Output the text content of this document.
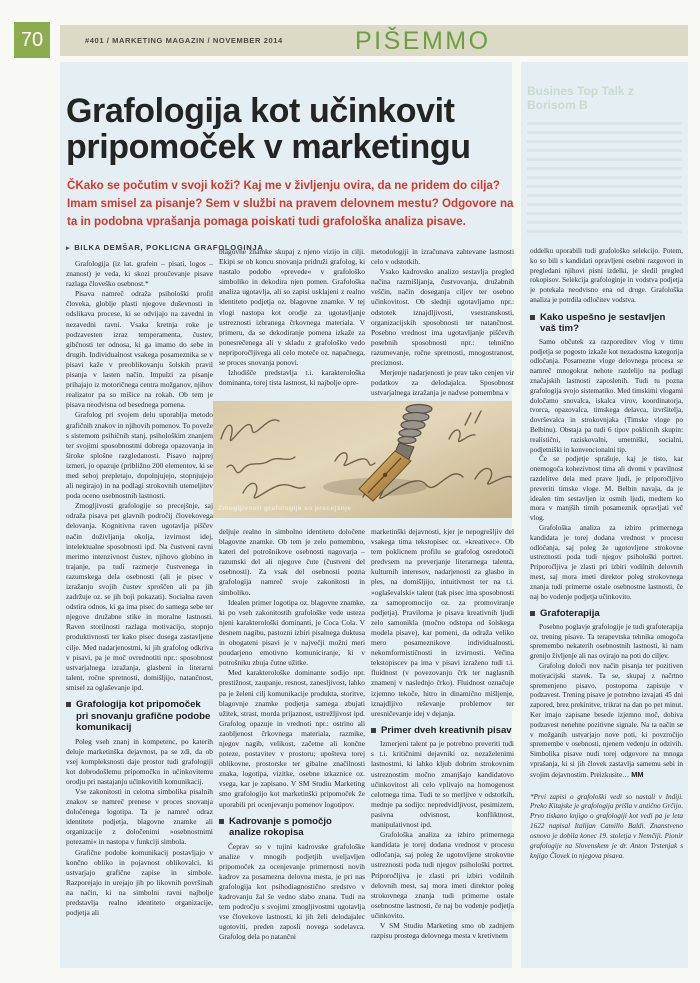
70	#401 / MARKETING MAGAZIN / NOVEMBER 2014	PIŠEMMO
Busines Top Talk z Borisom B
Grafologija kot učinkovit
pripomoček v marketingu

ČKako se počutim v svoji koži? Kaj me v življenju ovira, da ne pridem do cilja? Imam smisel za pisanje? Sem v službi na pravem delovnem mestu? Odgovore na ta in podobna vprašanja pomaga poiskati tudi grafološka analiza pisave.

▸ BILKA DEMŠAR, POKLICNA GRAFOLOGINJA

Grafologija (iz lat. grafein – pisati, logos – znanost) je veda, ki skozi proučevanje pisave razlaga človeško osebnost.*

Pisava namreč odraža psihološki profil človeka, globlje plasti njegove duševnosti in odslikava procese, ki se odvijajo na zavedni in nezavedni ravni. Vsaka kretnja roke je podzavesten izraz temperamenta, čustev, gibčnosti ter odnosa, ki ga imamo do sebe in drugih. Individualnost vsakega posameznika se v pisavi kaže v preoblikovanju šolskih pravil pisanja v lasten način. Impulzi za pisanje prihajajo iz motoričnega centra možganov, njihov realizator pa so mišice na rokah. Ob tem je pisava neodvisna od besednega pomena.

Grafolog pri svojem delu uporablja metodo grafičnih znakov in njihovih pomenov. To poveže s sistemom psihičnih stanj, psihološkim znanjem ter svojimi sposobnostmi dobrega opazovanja in široke splošne razgledanosti. Pisavo najprej izmeri, jo opazuje (približno 200 elementov, ki se med seboj prepletajo, dopolnjujejo, stopnjujejo ali negirajo) in na podlagi strokovnih utemeljitev poda oceno osebnostnih lastnosti.

Zmogljivosti grafologije so precejšnje, saj odraža pisava pet glavnih področij človekovega delovanja. Kognitivna raven ugotavlja piščev način doživljanja okolja, izvirnost idej, intelektualne sposobnosti ipd. Na čustveni ravni merimo intenzivnost čustev, njihovo globino in trajanje, pa tudi razmerje čustvenega in razumskega dela osebnosti (ali je pisec v izražanju svojih čustev sproščen ali pa jih zadržuje oz. se jih boji pokazati). Socialna raven odstira odnos, ki ga ima pisec do samega sebe ter njegove družabne stike in moralne lastnosti. Raven storilnosti razlaga motivacijo, stopnjo produktivnosti ter kako pisec dosega zastavljene cilje. Med nadarjenostmi, ki jih grafolog odkriva v pisavi, pa je moč ovrednotiti npr.: sposobnost ustvarjalnega izražanja, glasbeni in literarni talent, ročne spretnosti, domišljijo, natančnost, smisel za oglaševanje ipd.

Grafologija kot pripomoček pri snovanju grafične podobe komunikacij

Poleg vseh znanj in kompetenc, po katerih deluje marketinška dejavnost, pa se zdi, da ob vsej kompleksnosti daje prostor tudi grafologiji kot dobrodošlemu pripomočku in učinkovitemu orodju pri nastajanju učinkovitih komunikacij.

Vse zakonitosti in celotna simbolika pisalnih znakov se namreč prenese v proces snovanja določenega logotipa. Ta je namreč odraz identitete podjetja, blagovne znamke ali organizacije z določenimi »osebnostnimi potezami« in nastopa v funkciji simbola.

Grafične podobe komunikacij postavljajo v končno obliko in pojavnost oblikovalci, ki ustvarjajo grafične zapise in simbole. Razporejajo in urejajo jih po likovnih površinah na način, ki na simbolni ravni najbolje predstavlja realno identiteto organizacije, podjetja ali

blagovne znamke skupaj z njeno vizijo in cilji. Ekipi se ob koncu snovanja pridruži grafolog, ki nastalo podobo »prevede« v grafološko simboliko in dekodira njen pomen. Grafološka analiza ugotavlja, ali so zapisi usklajeni z realno identiteto podjetja oz. blagovne znamke. V tej vlogi nastopa kot orodje za ugotavljanje ustreznosti izbranega črkovnega materiala. V primeru, da se dekodiranje pomena izkaže za ponesrečenega ali v skladu z grafološko vedo nepriporočljivega ali celo moteče oz. napačnega, se proces snovanja ponovi.

Izhodišče predstavlja t.i. karakterološka dominanta, torej tista lastnost, ki najbolje opre-

deljuje realno in simbolno identiteto določene blagovne znamke. Ob tem je zelo pomembno, kateri del potrošnikove osebnosti nagovarja – razumski del ali njegove čute (čustveni del osebnosti). Za vsak del osebnosti pozna grafologija namreč svoje zakonitosti in simboliko.

Idealen primer logotipa oz. blagovne znamke, ki po vseh zakonitostih grafološke vede usteza njeni karakterološki dominanti, je Coca Cola. V desnem nagibu, pastozni izbiri pisalnega duktusa in obogateni pisavi je v največji možni meri poudarjeno emotivno komuniciranje, ki v potrošniku zbuja čutne užitke.

Med karakterološke dominante sodijo npr. prestižnost, zaupanje, resnost, zanesljivost, lahko pa je želeni cilj komunikacije produkta, storitve, blagovnje znamke podjetja samega zbujati užitek, strast, morda prijaznost, ustrežljivost ipd. Grafolog opazuje in vrednoti npr.: ostrino ali zaobljenost črkovnega materiala, razmike, njegov nagib, velikost, začetne ali končne poteze, postavitev v prostoru; upošteva torej oblikovne, prostorske ter gibalne značilnosti znaka, logotipa, vizitke, osebne izkaznice oz. vsega, kar je zapisano. V SM Studiu Marketing smo grafologijo kot marketinški pripomoček že uporabili pri ocenjevanju pomenov logotipov.

Kadrovanje s pomočjo analize rokopisa

Čeprav so v tujini kadrovske grafološke analize v mnogih podjetjih uveljavljen pripomoček za ocenjevanje primernosti novih kadrov za posamezna delovna mesta, je pri nas grafologija kot psihodiagnostično sredstvo v kadrovanju žal še vedno slabo znana. Tudi na tem področju s svojimi zmogljivostmi ugotavlja vse človekove lastnosti, ki jih želi delodajalec ugotoviti, preden zaposli novega sodelavca. Grafolog dela po natančni

metodologiji in izračunava zahtevane lastnosti celo v odstotkih.

Vsako kadrovsko analizo sestavlja pregled načina razmišljanja, čustvovanja, družabnih veščin, način doseganja ciljev ter osebno učinkovitost. Ob slednji ugotavljamo npr.: odstotek iznajdljivosti, vsestranskosti, organizacijskih sposobnosti ter natančnost. Posebno vrednost ima ugotavljanje piščevih posebnih sposobnosti npr.: tehnično razumevanje, ročne spretnosti, mnogostranost, preciznost.

Merjenje nadarjenosti je prav tako cenjen vir podatkov za delodajalca. Sposobnost ustvarjalnega izražanja je nadvse pomembna v

marketinški dejavnosti, kjer je nepogrešljiv del vsakega tima tekstopisec oz. »kreativec«. Ob tem poklicnem profilu se grafolog osredotoči predvsem na preverjanje literarnega talenta, kulturnih interesov, nadarjenosti za glasbo in ples, na domišljijo, intuitivnost ter na t.i. »oglaševalski« talent (tak pisec ima sposobnosti za samopromocijo oz. za promoviranje podjetja). Praviloma je pisava kreativnih ljudi zelo samonikla (močno odstopa od šolskega modela pisave), kar pomeni, da odraža veliko mero posameznikove individualnosti, nekomformističnosti in izvirnosti. Večina tekstopiscev pa ima v pisavi izraženo tudi t.i. fluidnost (v povezovanju črk ter naglasnih znamenj v naslednjo črko). Fluidnost označuje izjemno tekoče, hitro in dinamično mišljenje, iznajdljivo reševanje problemov ter uresničevanje idej v dejanja.

Primer dveh kreativnih pisav

Izmerjeni talent pa je potrebno preveriti tudi s t.i. kritičnimi dejavniki oz. nezaželenimi lastnostmi, ki lahko kljub dobrim strokovnim ustreznostim močno zmanjšajo kandidatovo učinkovitost ali celo vplivajo na homogenost celotnega tima. Tudi te so merljive v odstotkih, mednje pa sodijo: nepredvidljivost, pesimizem, pasivna odvisnost, konfliktnost, manipulativnost ipd.

Grafološka analiza za izbiro primernega kandidata je torej dodana vrednost v procesu odločanja, saj poleg že ugotovljene strokovne ustreznosti poda tudi njegov psihološki portret. Priporočljiva je zlasti pri izbiri vodilnih delovnih mest, saj mora imeti direktor poleg strokovnega znanja tudi primerne ostale osebnostne lastnosti, če naj bo vodenje podjetja učinkovito.

V SM Studiu Marketing smo ob zadnjem razpisu prostega delovnega mesta v kretivnem

oddelku uporabili tudi grafološko selekcijo. Potem, ko so bili s kandidati opravljeni osebni razgovori in pregledani njihovi pisni izdelki, je sledil pregled rokopisov. Selekcija grafologinje in vodstva podjetja je potekala neodvisno ena od druge. Grafološka analiza je potrdila odločitev vodstva.

Kako uspešno je sestavljen vaš tim?

Samo občutek za razporeditev vlog v timu podjetja se pogosto izkaže kot nezadostna kategorija odločanja. Posamezne vloge delovnega procesa se namreč mnogokrat nehote razdelijo na podlagi značajskih lastnosti zaposlenih. Tudi tu pozna grafologija svojo sistematiko. Med timskimi vlogami določamo snovalca, iskalca virov, koordinatorja, tvorca, opazovalca, timskega delavca, izvršitelja, dovrševalca in strokovnjaka (Timske vloge po Belbinu). Obstaja pa tudi 6 tipov poklicnih skupin: realistični, raziskovalni, umetniški, socialni, podjetniški in konvencionalni tip.

Če se podjetje sprašuje, kaj je tisto, kar onemogoča kohezivnost tima ali dvomi v pravilnost razdelitve dela med prave ljudi, je priporočljivo preveriti timske vloge. M. Belbin navaja, da je idealen tim sestavljen iz osmih ljudi, medtem ko mora v manjših timih posameznik opravljati več vlog.

Grafološka analiza za izbiro primernega kandidata je torej dodana vrednost v procesu odločanja, saj poleg že ugotovljene strokovne ustreznosti poda tudi njegov psihološki portret. Priporočljiva je zlasti pri izbiri vodilnih delovnih mest, saj mora imeti direktor poleg strokovnega znanja tudi primerne ostale osebnostne lastnosti, če naj bo vodenje podjetja učinkovito.

Grafoterapija

Posebno poglavje grafologije je tudi grafoterapija oz. trening pisave. Ta terapevtska tehnika omogoča spremembo nekaterih osebnostnih lastnosti, ki nam grenijo življenje ali nas ovirajo na poti do ciljev.

Grafolog določi nov način pisanja ter pozitiven motivacijski stavek. Ta se, skupaj z načrtno spremenjeno pisavo, postopoma zapisuje v podzavest. Trening pisave je potrebno izvajati 45 dni zapored, brez prekinitve, trikrat na dan po pet minut. Ker imajo zapisane besede izjemno moč, dobiva podzavest nenehne pozitivne signale. Na ta način se v možganih ustvarjajo nove poti, ki povzročijo spremembe v osebnosti, njenem vedenju in odzivih. Simbolika pisave nudi torej odgovore na mnoga vprašanja, ki si jih človek zastavlja samemu sebi in svojim dejavnostim. Preizkusite… MM

*Prvi zapisi o grafološki vedi so nastali v Indiji. Preko Kitajske je grafologija prišla v antično Grčijo. Prvo tiskano knjigo o grafologiji kot vedi pa je leta 1622 napisal Italijan Camillo Baldi. Znanstveno osnovo je dobila konec 19. stoletja v Nemčiji. Pionir grafologije na Slovenskem je dr. Anton Trstenjak s knjigo Človek in njegova pisava.

Zmogljivosti grafologije so precejšnje
